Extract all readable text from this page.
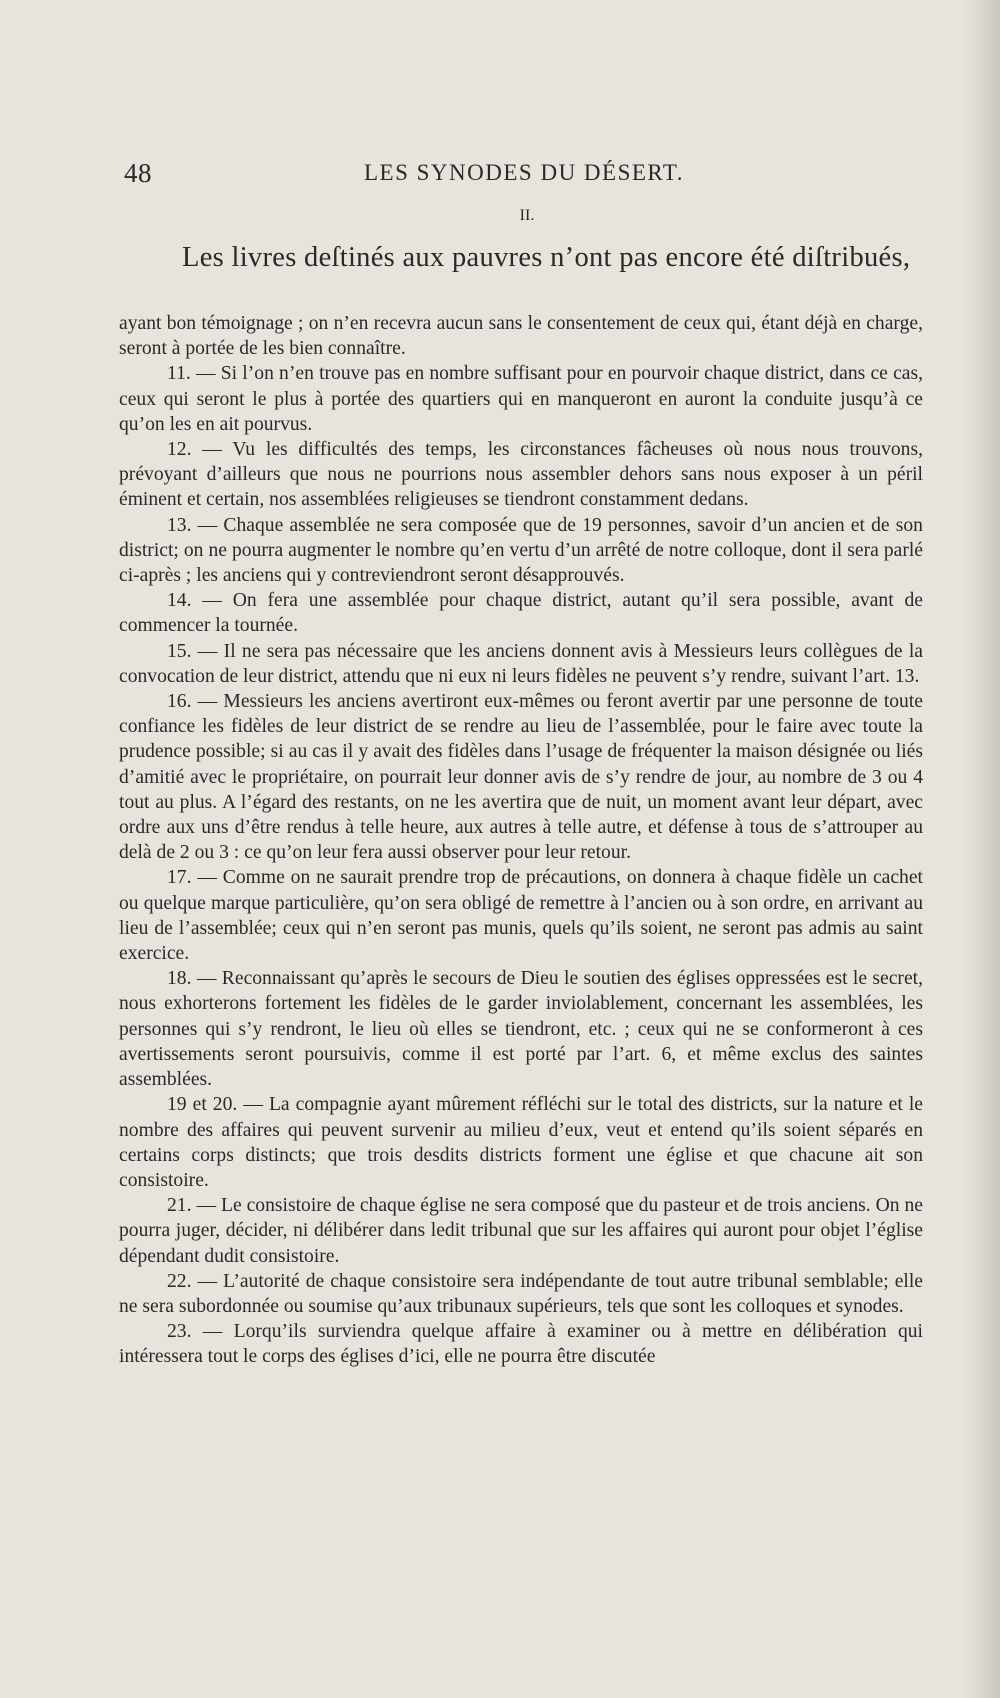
48	LES SYNODES DU DÉSERT.
II.
Les livres deſtinés aux pauvres n’ont pas encore été diſtribués,

ayant bon témoignage ; on n’en recevra aucun sans le consentement de ceux qui, étant déjà en charge, seront à portée de les bien connaître.

11. — Si l’on n’en trouve pas en nombre suffisant pour en pourvoir chaque district, dans ce cas, ceux qui seront le plus à portée des quartiers qui en manqueront en auront la conduite jusqu’à ce qu’on les en ait pourvus.

12. — Vu les difficultés des temps, les circonstances fâcheuses où nous nous trouvons, prévoyant d’ailleurs que nous ne pourrions nous assembler dehors sans nous exposer à un péril éminent et certain, nos assemblées religieuses se tiendront constamment dedans.

13. — Chaque assemblée ne sera composée que de 19 personnes, savoir d’un ancien et de son district; on ne pourra augmenter le nombre qu’en vertu d’un arrêté de notre colloque, dont il sera parlé ci-après ; les anciens qui y contreviendront seront désapprouvés.

14. — On fera une assemblée pour chaque district, autant qu’il sera possible, avant de commencer la tournée.

15. — Il ne sera pas nécessaire que les anciens donnent avis à Messieurs leurs collègues de la convocation de leur district, attendu que ni eux ni leurs fidèles ne peuvent s’y rendre, suivant l’art. 13.

16. — Messieurs les anciens avertiront eux-mêmes ou feront avertir par une personne de toute confiance les fidèles de leur district de se rendre au lieu de l’assemblée, pour le faire avec toute la prudence possible; si au cas il y avait des fidèles dans l’usage de fréquenter la maison désignée ou liés d’amitié avec le propriétaire, on pourrait leur donner avis de s’y rendre de jour, au nombre de 3 ou 4 tout au plus. A l’égard des restants, on ne les avertira que de nuit, un moment avant leur départ, avec ordre aux uns d’être rendus à telle heure, aux autres à telle autre, et défense à tous de s’attrouper au delà de 2 ou 3 : ce qu’on leur fera aussi observer pour leur retour.

17. — Comme on ne saurait prendre trop de précautions, on donnera à chaque fidèle un cachet ou quelque marque particulière, qu’on sera obligé de remettre à l’ancien ou à son ordre, en arrivant au lieu de l’assemblée; ceux qui n’en seront pas munis, quels qu’ils soient, ne seront pas admis au saint exercice.

18. — Reconnaissant qu’après le secours de Dieu le soutien des églises oppressées est le secret, nous exhorterons fortement les fidèles de le garder inviolablement, concernant les assemblées, les personnes qui s’y rendront, le lieu où elles se tiendront, etc. ; ceux qui ne se conformeront à ces avertissements seront poursuivis, comme il est porté par l’art. 6, et même exclus des saintes assemblées.

19 et 20. — La compagnie ayant mûrement réfléchi sur le total des districts, sur la nature et le nombre des affaires qui peuvent survenir au milieu d’eux, veut et entend qu’ils soient séparés en certains corps distincts; que trois desdits districts forment une église et que chacune ait son consistoire.

21. — Le consistoire de chaque église ne sera composé que du pasteur et de trois anciens. On ne pourra juger, décider, ni délibérer dans ledit tribunal que sur les affaires qui auront pour objet l’église dépendant dudit consistoire.

22. — L’autorité de chaque consistoire sera indépendante de tout autre tribunal semblable; elle ne sera subordonnée ou soumise qu’aux tribunaux supérieurs, tels que sont les colloques et synodes.

23. — Lorqu’ils surviendra quelque affaire à examiner ou à mettre en délibération qui intéressera tout le corps des églises d’ici, elle ne pourra être discutée
